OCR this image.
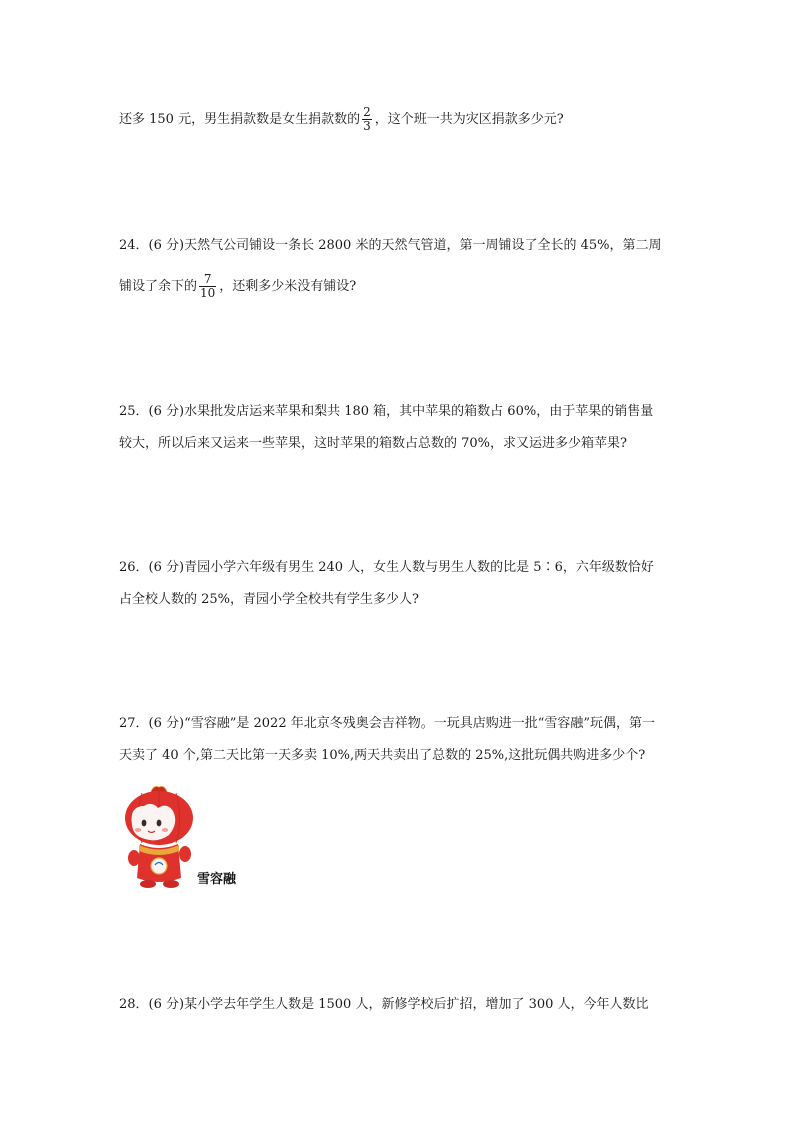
还多 150 元，男生捐款数是女生捐款数的 $\frac{2}{3}$ ，这个班一共为灾区捐款多少元?
24．(6 分)天然气公司铺设一条长 2800 米的天然气管道，第一周铺设了全长的 45%，第二周
铺设了余下的 $\frac{7}{10}$ ，还剩多少米没有铺设?
25．(6 分)水果批发店运来苹果和梨共 180 箱，其中苹果的箱数占 60%，由于苹果的销售量
较大，所以后来又运来一些苹果，这时苹果的箱数占总数的 70%，求又运进多少箱苹果?
26．(6 分)青园小学六年级有男生 240 人，女生人数与男生人数的比是 5∶6，六年级数恰好
占全校人数的 25%，青园小学全校共有学生多少人?
27．(6 分)“雪容融”是 2022 年北京冬残奥会吉祥物。一玩具店购进一批“雪容融”玩偶，第一
天卖了 40 个,第二天比第一天多卖 10%,两天共卖出了总数的 25%,这批玩偶共购进多少个?
雪容融
28．(6 分)某小学去年学生人数是 1500 人，新修学校后扩招，增加了 300 人，今年人数比
